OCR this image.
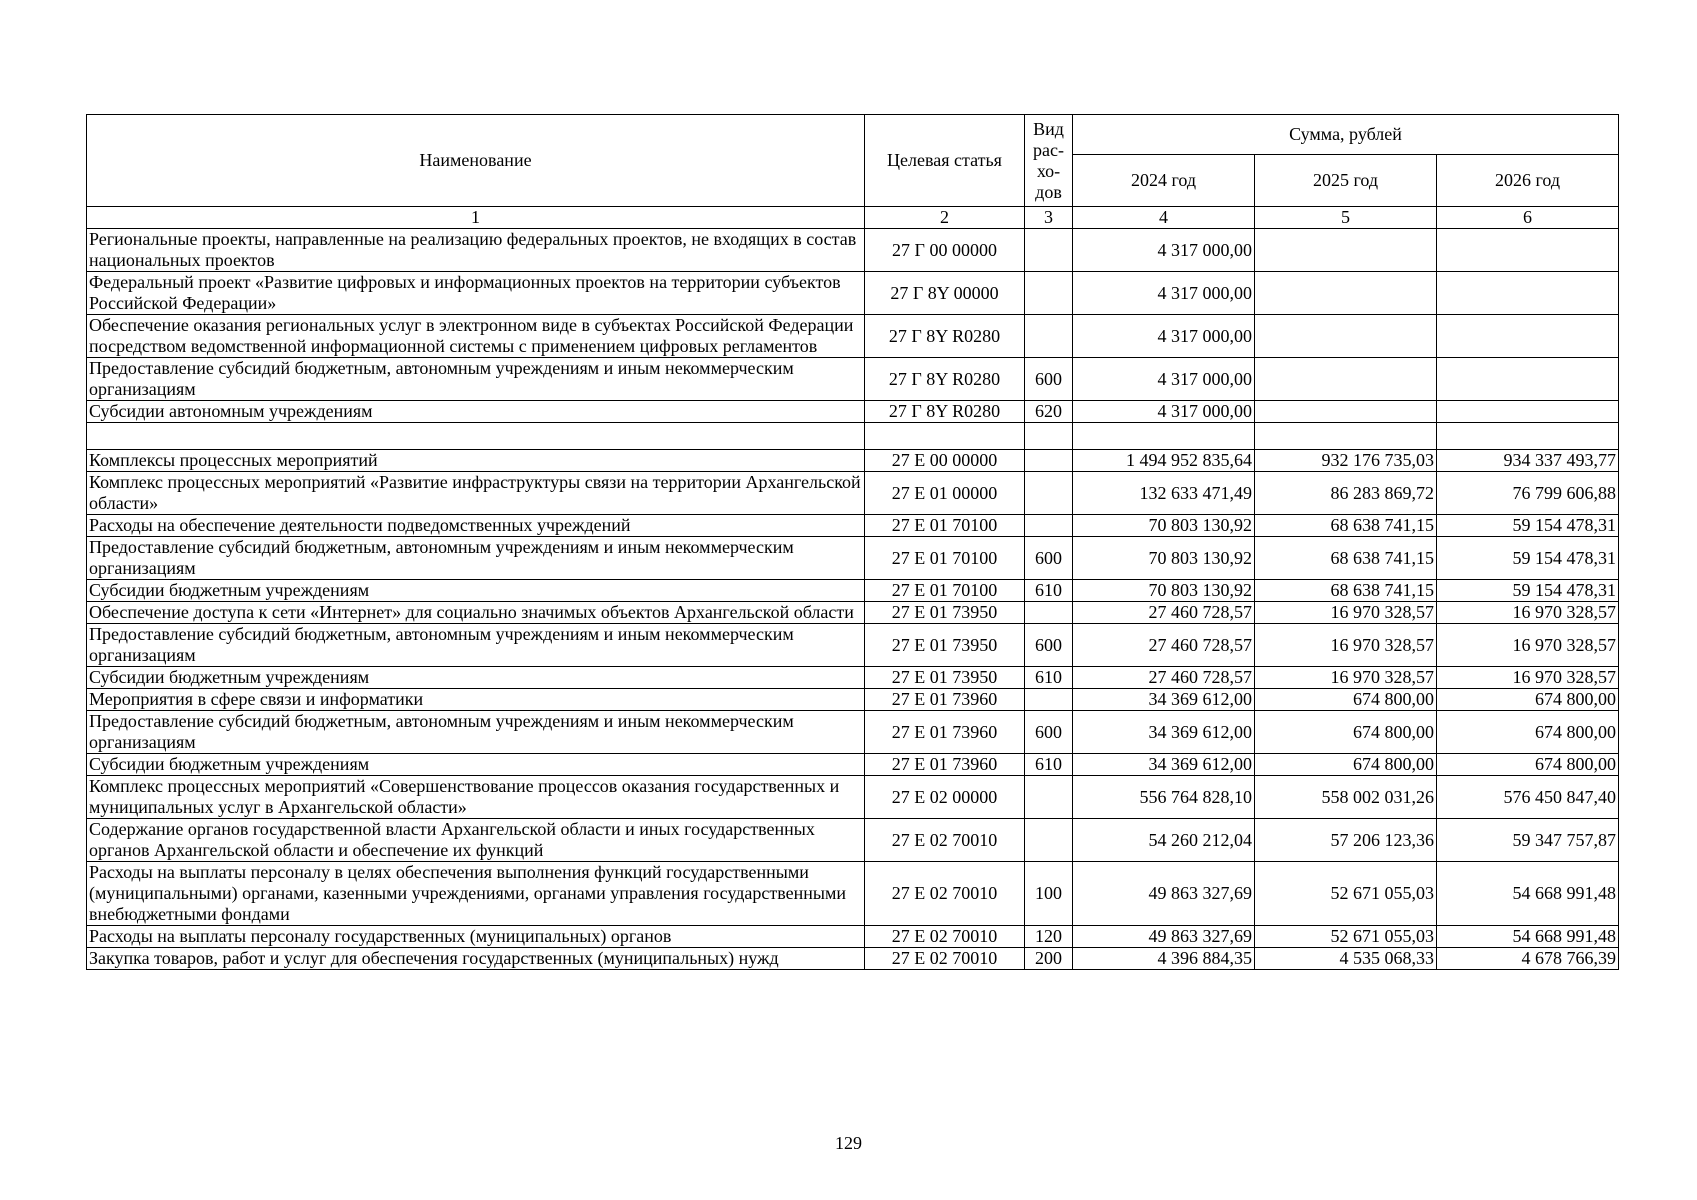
Наименование	Целевая статья	Вид рас-хо-дов	Сумма, рублей		
			2024 год	2025 год	2026 год
1	2	3	4	5	6
Региональные проекты, направленные на реализацию федеральных проектов, не входящих в состав национальных проектов	27 Г 00 00000		4 317 000,00		
Федеральный проект «Развитие цифровых и информационных проектов на территории субъектов Российской Федерации»	27 Г 8Y 00000		4 317 000,00		
Обеспечение оказания региональных услуг в электронном виде в субъектах Российской Федерации посредством ведомственной информационной системы с применением цифровых регламентов	27 Г 8Y R0280		4 317 000,00		
Предоставление субсидий бюджетным, автономным учреждениям и иным некоммерческим организациям	27 Г 8Y R0280	600	4 317 000,00		
Субсидии автономным учреждениям	27 Г 8Y R0280	620	4 317 000,00		

Комплексы процессных мероприятий	27 Е 00 00000		1 494 952 835,64	932 176 735,03	934 337 493,77
Комплекс процессных мероприятий «Развитие инфраструктуры связи на территории Архангельской области»	27 Е 01 00000		132 633 471,49	86 283 869,72	76 799 606,88
Расходы на обеспечение деятельности подведомственных учреждений	27 Е 01 70100		70 803 130,92	68 638 741,15	59 154 478,31
Предоставление субсидий бюджетным, автономным учреждениям и иным некоммерческим организациям	27 Е 01 70100	600	70 803 130,92	68 638 741,15	59 154 478,31
Субсидии бюджетным учреждениям	27 Е 01 70100	610	70 803 130,92	68 638 741,15	59 154 478,31
Обеспечение доступа к сети «Интернет» для социально значимых объектов Архангельской области	27 Е 01 73950		27 460 728,57	16 970 328,57	16 970 328,57
Предоставление субсидий бюджетным, автономным учреждениям и иным некоммерческим организациям	27 Е 01 73950	600	27 460 728,57	16 970 328,57	16 970 328,57
Субсидии бюджетным учреждениям	27 Е 01 73950	610	27 460 728,57	16 970 328,57	16 970 328,57
Мероприятия в сфере связи и информатики	27 Е 01 73960		34 369 612,00	674 800,00	674 800,00
Предоставление субсидий бюджетным, автономным учреждениям и иным некоммерческим организациям	27 Е 01 73960	600	34 369 612,00	674 800,00	674 800,00
Субсидии бюджетным учреждениям	27 Е 01 73960	610	34 369 612,00	674 800,00	674 800,00
Комплекс процессных мероприятий «Совершенствование процессов оказания государственных и муниципальных услуг в Архангельской области»	27 Е 02 00000		556 764 828,10	558 002 031,26	576 450 847,40
Содержание органов государственной власти Архангельской области и иных государственных органов Архангельской области и обеспечение их функций	27 Е 02 70010		54 260 212,04	57 206 123,36	59 347 757,87
Расходы на выплаты персоналу в целях обеспечения выполнения функций государственными (муниципальными) органами, казенными учреждениями, органами управления государственными внебюджетными фондами	27 Е 02 70010	100	49 863 327,69	52 671 055,03	54 668 991,48
Расходы на выплаты персоналу государственных (муниципальных) органов	27 Е 02 70010	120	49 863 327,69	52 671 055,03	54 668 991,48
Закупка товаров, работ и услуг для обеспечения государственных (муниципальных) нужд	27 Е 02 70010	200	4 396 884,35	4 535 068,33	4 678 766,39
129
